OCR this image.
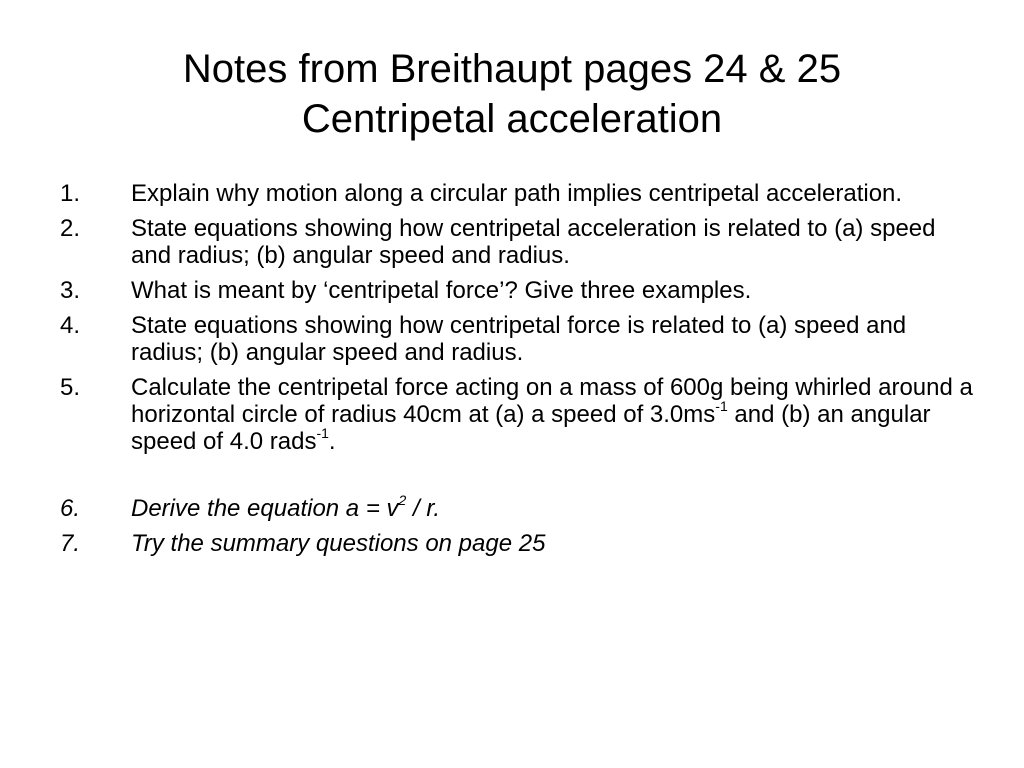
Notes from Breithaupt pages 24 & 25
Centripetal acceleration
1.	Explain why motion along a circular path implies centripetal acceleration.
2.	State equations showing how centripetal acceleration is related to (a) speed and radius; (b) angular speed and radius.
3.	What is meant by ‘centripetal force’? Give three examples.
4.	State equations showing how centripetal force is related to (a) speed and radius; (b) angular speed and radius.
5.	Calculate the centripetal force acting on a mass of 600g being whirled around a horizontal circle of radius 40cm at (a) a speed of $3.0ms^{-1}$ and (b) an angular speed of 4.0 rads$^{-1}$.
6.	Derive the equation $a = v^2 / r$.
7.	Try the summary questions on page 25
